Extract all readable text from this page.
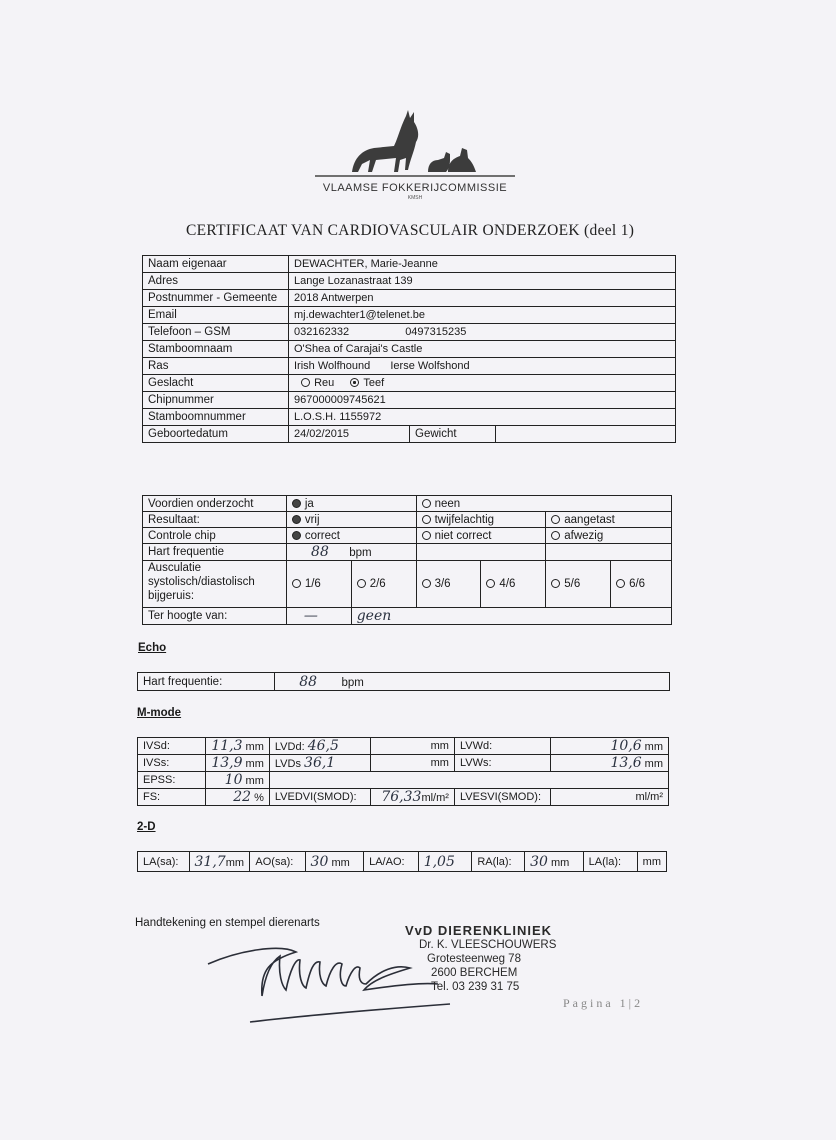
VLAAMSE FOKKERIJCOMMISSIE
KMSH
CERTIFICAAT VAN CARDIOVASCULAIR ONDERZOEK (deel 1)
Naam eigenaar	DEWACHTER, Marie-Jeanne		
Adres	Lange Lozanastraat 139		
Postnummer - Gemeente	2018 Antwerpen		
Email	mj.dewachter1@telenet.be		
Telefoon – GSM	032162332 0497315235		
Stamboomnaam	O'Shea of Carajai's Castle		
Ras	Irish Wolfhound Ierse Wolfshond		
Geslacht	Reu Teef		
Chipnummer	967000009745621		
Stamboomnummer	L.O.S.H. 1155972		
Geboortedatum	24/02/2015	Gewicht	
Voordien onderzocht	ja		neen			
Resultaat:	vrij		twijfelachtig		aangetast	
Controle chip	correct		niet correct		afwezig	
Hart frequentie	88 bpm					

Ausculatie
systolisch/diastolisch
bijgeruis:	1/6	2/6	3/6	4/6	5/6	6/6
Ter hoogte van:	—	geen				
Echo
Hart frequentie:	88 bpm
M-mode
IVSd:	11,3 mm	LVDd: 46,5	mm	LVWd:	10,6 mm
IVSs:	13,9 mm	LVDs 36,1	mm	LVWs:	13,6 mm
EPSS:	10 mm				
FS:	22 %	LVEDVI(SMOD):	76,33ml/m²	LVESVI(SMOD):	ml/m²
2-D
LA(sa):	31,7mm	AO(sa):	30 mm	LA/AO:	1,05	RA(la):	30 mm	LA(la):	mm
Handtekening en stempel dierenarts	VvD DIERENKLINIEK
Dr. K. VLEESCHOUWERS
Grotesteenweg 78
2600 BERCHEM
Tel. 03 239 31 75
Pagina 1|2
